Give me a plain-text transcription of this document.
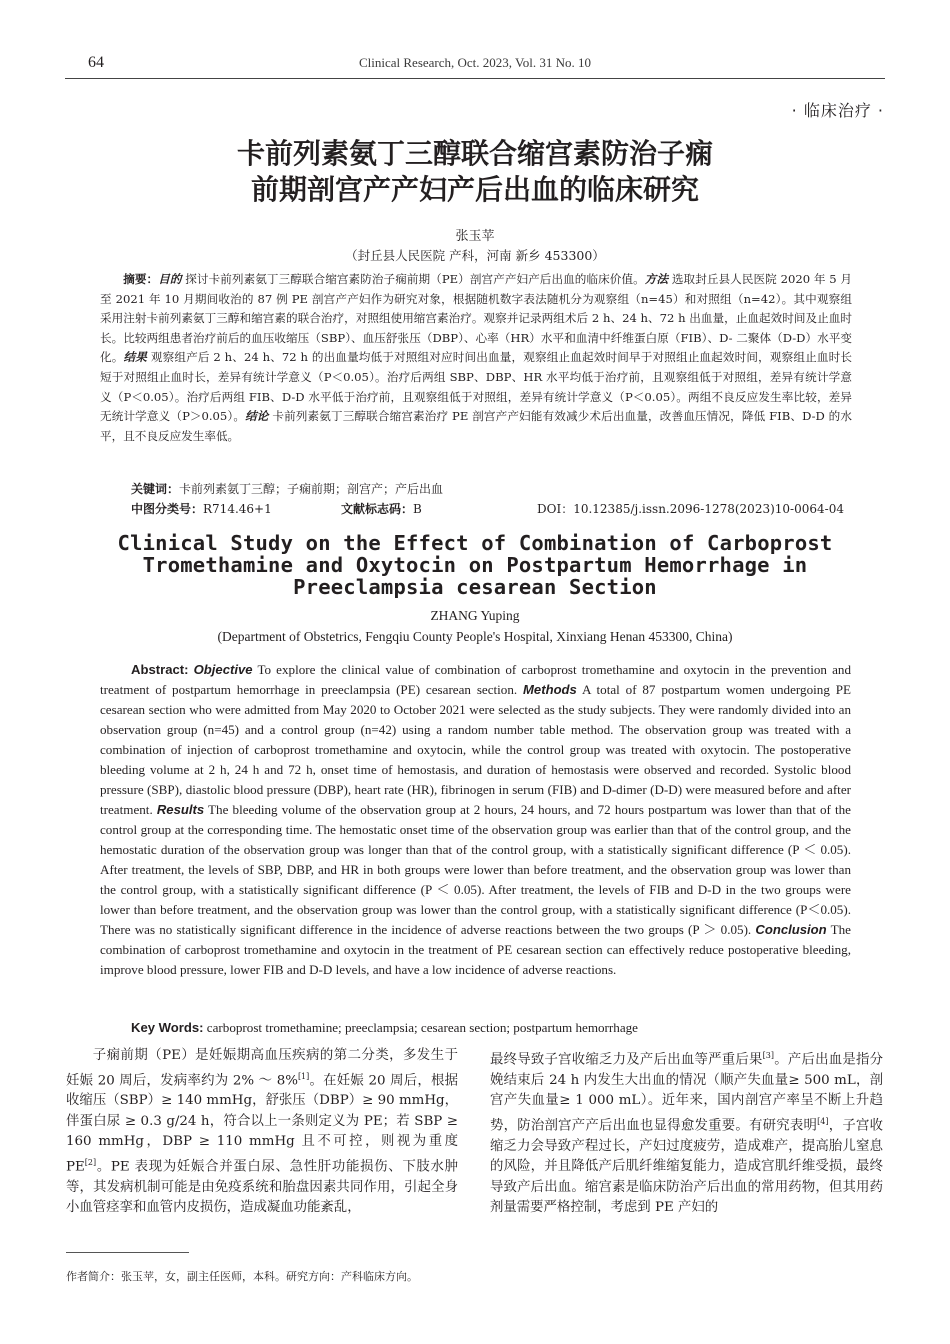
64	Clinical Research, Oct. 2023, Vol. 31 No. 10
· 临床治疗 ·
卡前列素氨丁三醇联合缩宫素防治子痫
前期剖宫产产妇产后出血的临床研究
张玉苹
（封丘县人民医院 产科，河南 新乡 453300）

摘要：目的 探讨卡前列素氨丁三醇联合缩宫素防治子痫前期（PE）剖宫产产妇产后出血的临床价值。方法 选取封丘县人民医院 2020 年 5 月至 2021 年 10 月期间收治的 87 例 PE 剖宫产产妇作为研究对象，根据随机数字表法随机分为观察组（n=45）和对照组（n=42）。其中观察组采用注射卡前列素氨丁三醇和缩宫素的联合治疗，对照组使用缩宫素治疗。观察并记录两组术后 2 h、24 h、72 h 出血量，止血起效时间及止血时长。比较两组患者治疗前后的血压收缩压（SBP）、血压舒张压（DBP）、心率（HR）水平和血清中纤维蛋白原（FIB）、D- 二聚体（D-D）水平变化。结果 观察组产后 2 h、24 h、72 h 的出血量均低于对照组对应时间出血量，观察组止血起效时间早于对照组止血起效时间，观察组止血时长短于对照组止血时长，差异有统计学意义（P＜0.05）。治疗后两组 SBP、DBP、HR 水平均低于治疗前，且观察组低于对照组，差异有统计学意义（P＜0.05）。治疗后两组 FIB、D-D 水平低于治疗前，且观察组低于对照组，差异有统计学意义（P＜0.05）。两组不良反应发生率比较，差异无统计学意义（P＞0.05）。结论 卡前列素氨丁三醇联合缩宫素治疗 PE 剖宫产产妇能有效减少术后出血量，改善血压情况，降低 FIB、D-D 的水平，且不良反应发生率低。

关键词：卡前列素氨丁三醇；子痫前期；剖宫产；产后出血
中图分类号：R714.46+1	文献标志码：B	DOI：10.12385/j.issn.2096-1278(2023)10-0064-04
Clinical Study on the Effect of Combination of Carboprost
Tromethamine and Oxytocin on Postpartum Hemorrhage in
Preeclampsia cesarean Section
ZHANG Yuping
(Department of Obstetrics, Fengqiu County People's Hospital, Xinxiang Henan 453300, China)

Abstract: Objective To explore the clinical value of combination of carboprost tromethamine and oxytocin in the prevention and treatment of postpartum hemorrhage in preeclampsia (PE) cesarean section. Methods A total of 87 postpartum women undergoing PE cesarean section who were admitted from May 2020 to October 2021 were selected as the study subjects. They were randomly divided into an observation group (n=45) and a control group (n=42) using a random number table method. The observation group was treated with a combination of injection of carboprost tromethamine and oxytocin, while the control group was treated with oxytocin. The postoperative bleeding volume at 2 h, 24 h and 72 h, onset time of hemostasis, and duration of hemostasis were observed and recorded. Systolic blood pressure (SBP), diastolic blood pressure (DBP), heart rate (HR), fibrinogen in serum (FIB) and D-dimer (D-D) were measured before and after treatment. Results The bleeding volume of the observation group at 2 hours, 24 hours, and 72 hours postpartum was lower than that of the control group at the corresponding time. The hemostatic onset time of the observation group was earlier than that of the control group, and the hemostatic duration of the observation group was longer than that of the control group, with a statistically significant difference (P ＜ 0.05). After treatment, the levels of SBP, DBP, and HR in both groups were lower than before treatment, and the observation group was lower than the control group, with a statistically significant difference (P ＜ 0.05). After treatment, the levels of FIB and D-D in the two groups were lower than before treatment, and the observation group was lower than the control group, with a statistically significant difference (P＜0.05). There was no statistically significant difference in the incidence of adverse reactions between the two groups (P ＞ 0.05). Conclusion The combination of carboprost tromethamine and oxytocin in the treatment of PE cesarean section can effectively reduce postoperative bleeding, improve blood pressure, lower FIB and D-D levels, and have a low incidence of adverse reactions.

Key Words: carboprost tromethamine; preeclampsia; cesarean section; postpartum hemorrhage

子痫前期（PE）是妊娠期高血压疾病的第二分类，多发生于妊娠 20 周后，发病率约为 2% ～ 8%[1]。在妊娠 20 周后，根据收缩压（SBP）≥ 140 mmHg，舒张压（DBP）≥ 90 mmHg，伴蛋白尿 ≥ 0.3 g/24 h，符合以上一条则定义为 PE；若 SBP ≥ 160 mmHg，DBP ≥ 110 mmHg 且不可控，则视为重度 PE[2]。PE 表现为妊娠合并蛋白尿、急性肝功能损伤、下肢水肿等，其发病机制可能是由免疫系统和胎盘因素共同作用，引起全身小血管痉挛和血管内皮损伤，造成凝血功能紊乱，

最终导致子宫收缩乏力及产后出血等严重后果[3]。产后出血是指分娩结束后 24 h 内发生大出血的情况（顺产失血量≥ 500 mL，剖宫产失血量≥ 1 000 mL）。近年来，国内剖宫产率呈不断上升趋势，防治剖宫产产后出血也显得愈发重要。有研究表明[4]，子宫收缩乏力会导致产程过长，产妇过度疲劳，造成难产，提高胎儿窒息的风险，并且降低产后肌纤维缩复能力，造成宫肌纤维受损，最终导致产后出血。缩宫素是临床防治产后出血的常用药物，但其用药剂量需要严格控制，考虑到 PE 产妇的

作者简介：张玉苹，女，副主任医师，本科。研究方向：产科临床方向。
